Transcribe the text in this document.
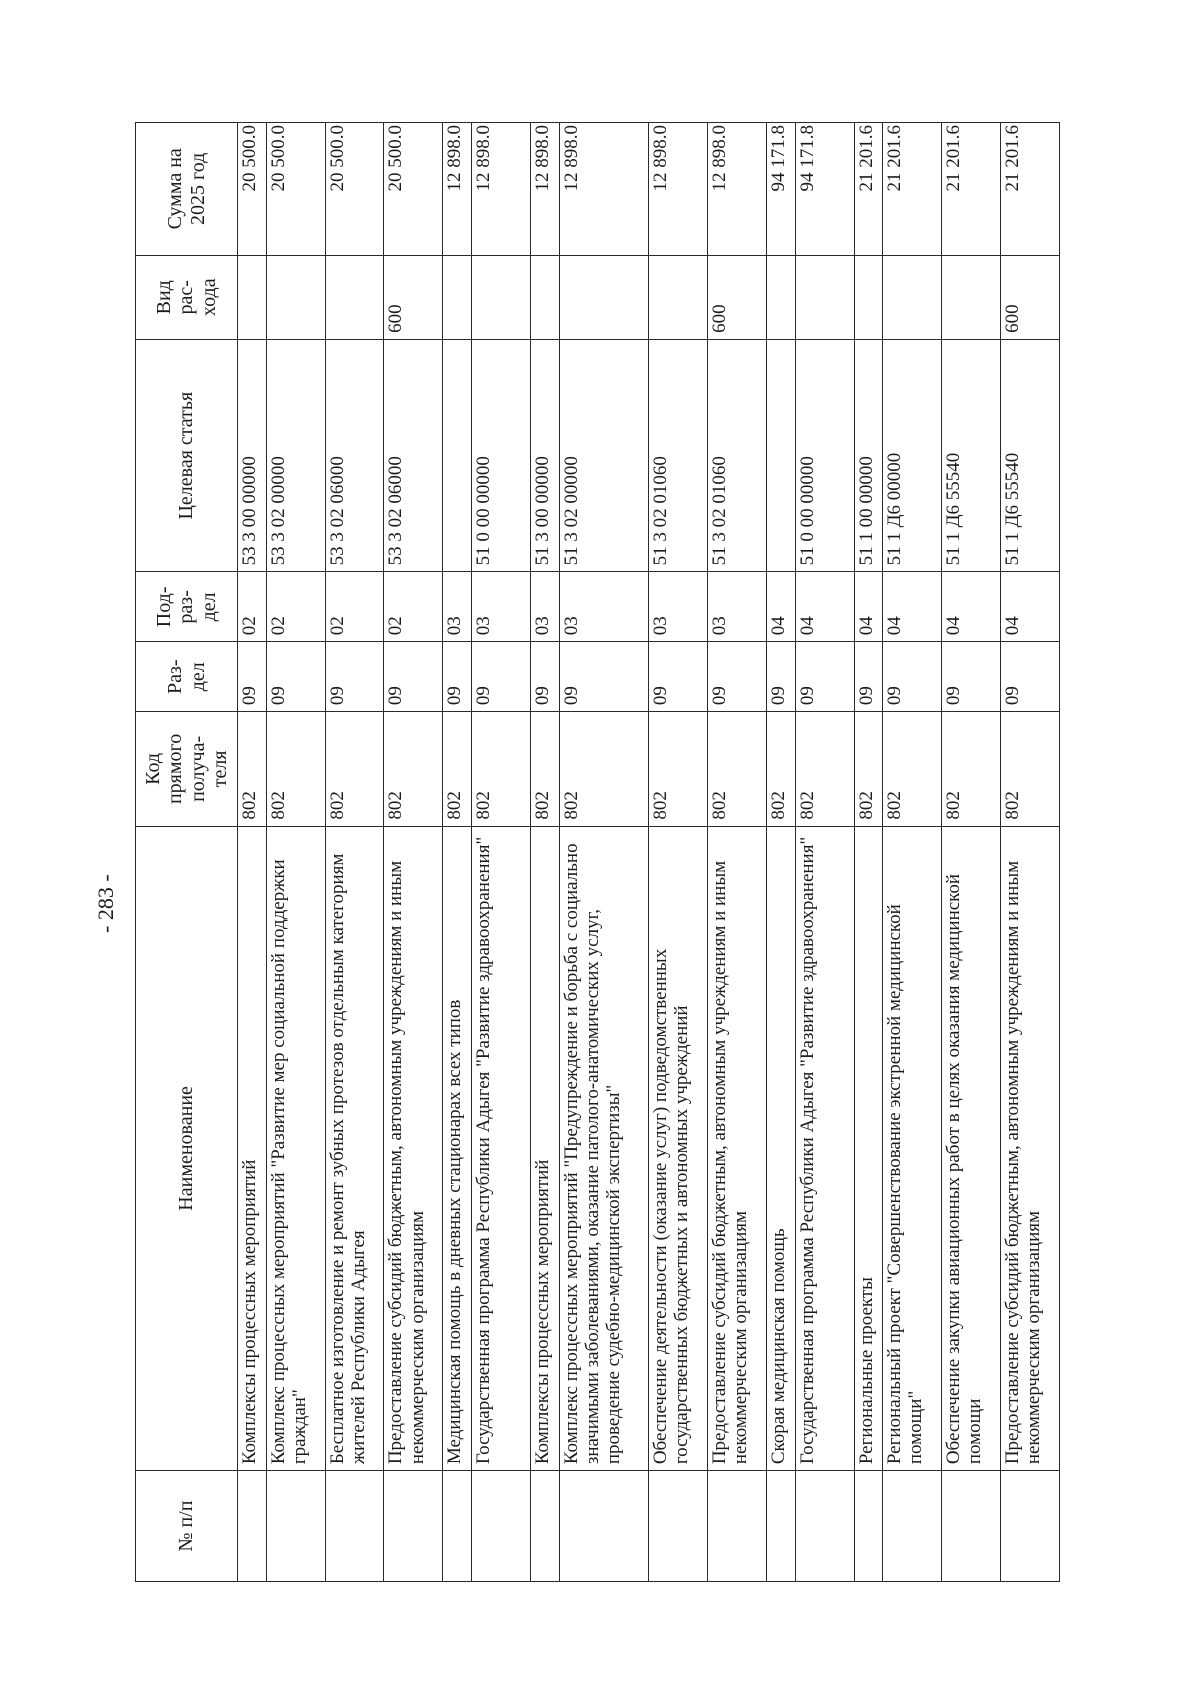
- 283 -
№ п/п	Наименование	Код прямого получа-теля	Раз-дел	Под-раз-дел	Целевая статья	Вид рас-хода	Сумма на 2025 год
	Комплексы процессных мероприятий	802	09	02	53 3 00 00000		20 500.0
	Комплекс процессных мероприятий "Развитие мер социальной поддержки граждан"	802	09	02	53 3 02 00000		20 500.0
	Бесплатное изготовление и ремонт зубных протезов отдельным категориям жителей Республики Адыгея	802	09	02	53 3 02 06000		20 500.0
	Предоставление субсидий бюджетным, автономным учреждениям и иным некоммерческим организациям	802	09	02	53 3 02 06000	600	20 500.0
	Медицинская помощь в дневных стационарах всех типов	802	09	03			12 898.0
	Государственная программа Республики Адыгея "Развитие здравоохранения"	802	09	03	51 0 00 00000		12 898.0
	Комплексы процессных мероприятий	802	09	03	51 3 00 00000		12 898.0
	Комплекс процессных мероприятий "Предупреждение и борьба с социально значимыми заболеваниями, оказание патолого-анатомических услуг, проведение судебно-медицинской экспертизы"	802	09	03	51 3 02 00000		12 898.0
	Обеспечение деятельности (оказание услуг) подведомственных государственных бюджетных и автономных учреждений	802	09	03	51 3 02 01060		12 898.0
	Предоставление субсидий бюджетным, автономным учреждениям и иным некоммерческим организациям	802	09	03	51 3 02 01060	600	12 898.0
	Скорая медицинская помощь	802	09	04			94 171.8
	Государственная программа Республики Адыгея "Развитие здравоохранения"	802	09	04	51 0 00 00000		94 171.8
	Региональные проекты	802	09	04	51 1 00 00000		21 201.6
	Региональный проект "Совершенствование экстренной медицинской помощи"	802	09	04	51 1 Д6 00000		21 201.6
	Обеспечение закупки авиационных работ в целях оказания медицинской помощи	802	09	04	51 1 Д6 55540		21 201.6
	Предоставление субсидий бюджетным, автономным учреждениям и иным некоммерческим организациям	802	09	04	51 1 Д6 55540	600	21 201.6
